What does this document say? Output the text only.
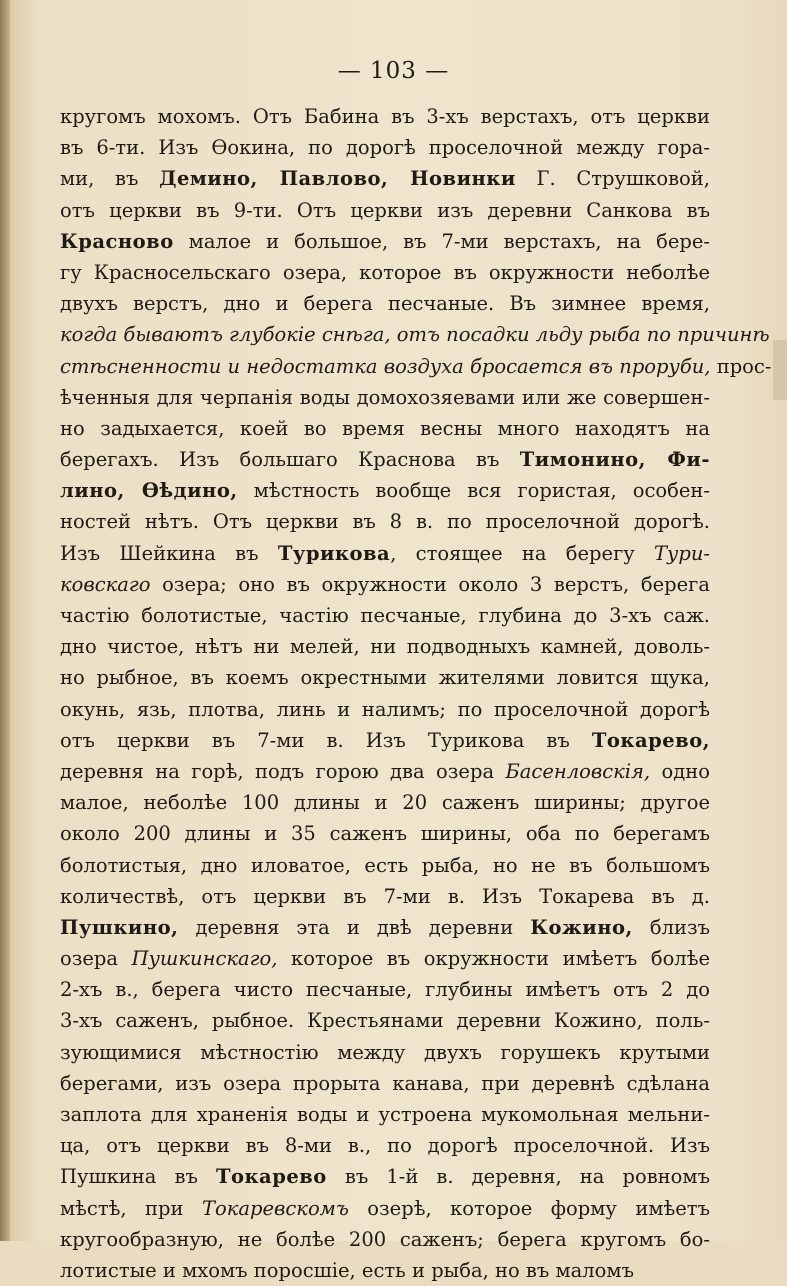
— 103 —
кругомъ мохомъ. Отъ Бабина въ 3-хъ верстахъ, отъ церкви
въ 6-ти. Изъ Ѳокина, по дорогѣ проселочной между гора-
ми, въ Демино, Павлово, Новинки Г. Струшковой,
отъ церкви въ 9-ти. Отъ церкви изъ деревни Санкова въ
Красново малое и большое, въ 7-ми верстахъ, на бере-
гу Красносельскаго озера, которое въ окружности неболѣе
двухъ верстъ, дно и берега песчаные. Въ зимнее время,
когда бываютъ глубокіе снѣга, отъ посадки льду рыба по причинѣ
стѣсненности и недостатка воздуха бросается въ проруби, прос-
ѣченныя для черпанія воды домохозяевами или же совершен-
но задыхается, коей во время весны много находятъ на
берегахъ. Изъ большаго Краснова въ Тимонино, Фи-
лино, Ѳѣдино, мѣстность вообще вся гористая, особен-
ностей нѣтъ. Отъ церкви въ 8 в. по проселочной дорогѣ.
Изъ Шейкина въ Турикова, стоящее на берегу Тури-
ковскаго озера; оно въ окружности около 3 верстъ, берега
частію болотистые, частію песчаные, глубина до 3-хъ саж.
дно чистое, нѣтъ ни мелей, ни подводныхъ камней, доволь-
но рыбное, въ коемъ окрестными жителями ловится щука,
окунь, язь, плотва, линь и налимъ; по проселочной дорогѣ
отъ церкви въ 7-ми в. Изъ Турикова въ Токарево,
деревня на горѣ, подъ горою два озера Басенловскія, одно
малое, неболѣе 100 длины и 20 саженъ ширины; другое
около 200 длины и 35 саженъ ширины, оба по берегамъ
болотистыя, дно иловатое, есть рыба, но не въ большомъ
количествѣ, отъ церкви въ 7-ми в. Изъ Токарева въ д.
Пушкино, деревня эта и двѣ деревни Кожино, близъ
озера Пушкинскаго, которое въ окружности имѣетъ болѣе
2-хъ в., берега чисто песчаные, глубины имѣетъ отъ 2 до
3-хъ саженъ, рыбное. Крестьянами деревни Кожино, поль-
зующимися мѣстностію между двухъ горушекъ крутыми
берегами, изъ озера прорыта канава, при деревнѣ сдѣлана
заплота для храненія воды и устроена мукомольная мельни-
ца, отъ церкви въ 8-ми в., по дорогѣ проселочной. Изъ
Пушкина въ Токарево въ 1-й в. деревня, на ровномъ
мѣстѣ, при Токаревскомъ озерѣ, которое форму имѣетъ
кругообразную, не болѣе 200 саженъ; берега кругомъ бо-
лотистые и мхомъ поросшіе, есть и рыба, но въ маломъ
